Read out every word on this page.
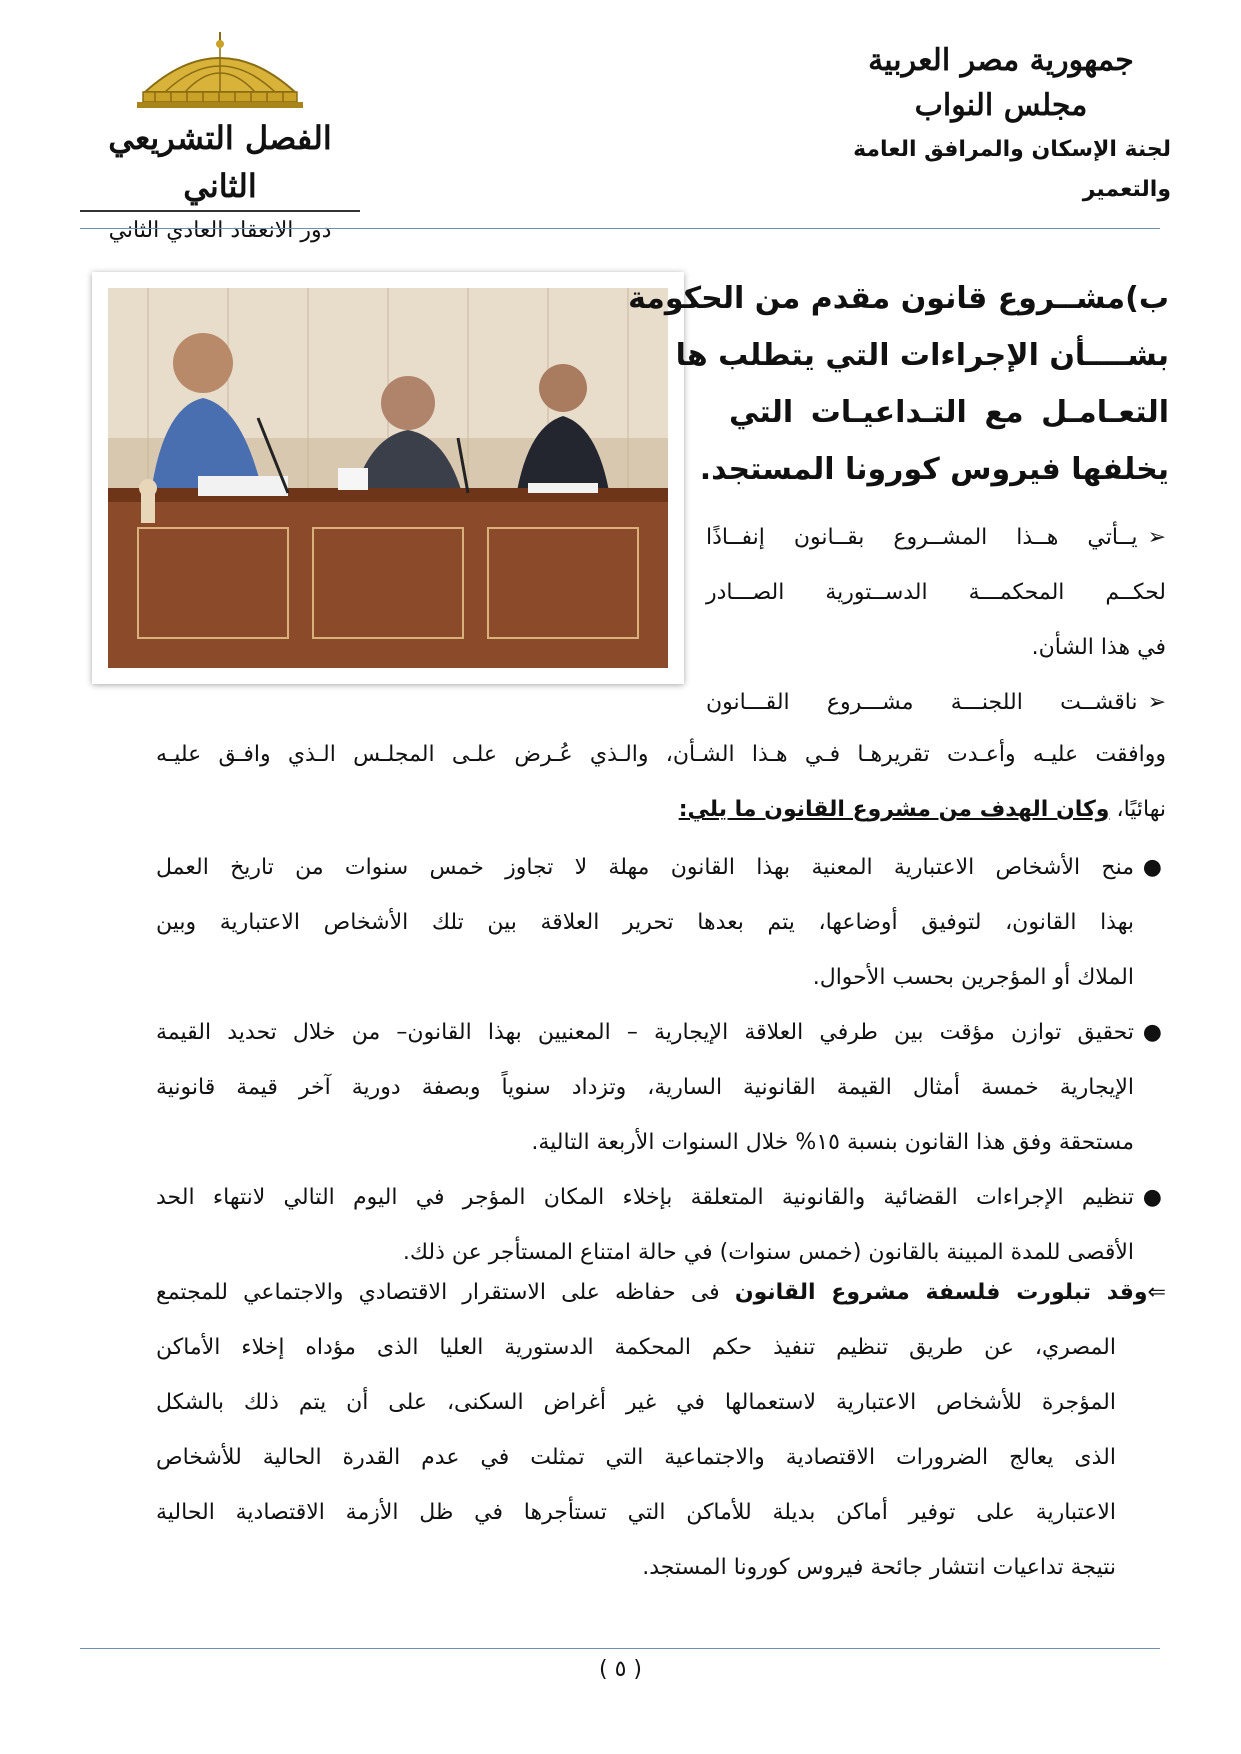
جمهورية مصر العربية
مجلس النواب
لجنة الإسكان والمرافق العامة والتعمير
الفصل التشريعي الثاني
دور الانعقاد العادي الثاني
ب)مشــروع قانون مقدم من الحكومة
بشــــأن الإجراءات التي يتطلب ها
التعـامـل مع التـداعيـات التي
يخلفها فيروس كورونا المستجد.
➢يــأتي هــذا المشــروع بقــانون إنفــاذًا
لحكــم المحكمـــة الدســتورية الصـــادر
في هذا الشأن.
➢ناقشــت اللجنـــة مشـــروع القـــانون
ووافقت عليـه وأعـدت تقريرهـا فـي هـذا الشـأن، والـذي عُـرض علـى المجلـس الـذي وافـق عليـه
نهائيًا، وكان الهدف من مشروع القانون ما يلي:
●
منح الأشخاص الاعتبارية المعنية بهذا القانون مهلة لا تجاوز خمس سنوات من تاريخ العمل
بهذا القانون، لتوفيق أوضاعها، يتم بعدها تحرير العلاقة بين تلك الأشخاص الاعتبارية وبين
الملاك أو المؤجرين بحسب الأحوال.
●
تحقيق توازن مؤقت بين طرفي العلاقة الإيجارية – المعنيين بهذا القانون– من خلال تحديد القيمة
الإيجارية خمسة أمثال القيمة القانونية السارية، وتزداد سنوياً وبصفة دورية آخر قيمة قانونية
مستحقة وفق هذا القانون بنسبة ١٥% خلال السنوات الأربعة التالية.
●
تنظيم الإجراءات القضائية والقانونية المتعلقة بإخلاء المكان المؤجر في اليوم التالي لانتهاء الحد
الأقصى للمدة المبينة بالقانون (خمس سنوات) في حالة امتناع المستأجر عن ذلك.
⇐وقد تبلورت فلسفة مشروع القانون فى حفاظه على الاستقرار الاقتصادي والاجتماعي للمجتمع
المصري، عن طريق تنظيم تنفيذ حكم المحكمة الدستورية العليا الذى مؤداه إخلاء الأماكن
المؤجرة للأشخاص الاعتبارية لاستعمالها في غير أغراض السكنى، على أن يتم ذلك بالشكل
الذى يعالج الضرورات الاقتصادية والاجتماعية التي تمثلت في عدم القدرة الحالية للأشخاص
الاعتبارية على توفير أماكن بديلة للأماكن التي تستأجرها في ظل الأزمة الاقتصادية الحالية
نتيجة تداعيات انتشار جائحة فيروس كورونا المستجد.
( ٥ )
